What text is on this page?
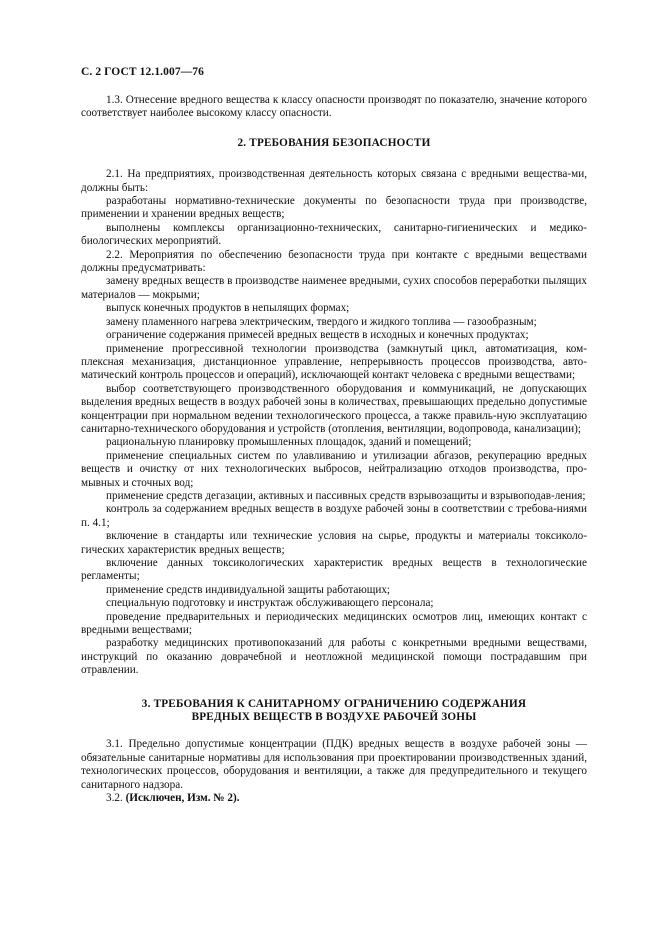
С. 2 ГОСТ 12.1.007—76

1.3. Отнесение вредного вещества к классу опасности производят по показателю, значение которого соответствует наиболее высокому классу опасности.

2. ТРЕБОВАНИЯ БЕЗОПАСНОСТИ

2.1. На предприятиях, производственная деятельность которых связана с вредными вещества-ми, должны быть:

разработаны нормативно-технические документы по безопасности труда при производстве, применении и хранении вредных веществ;

выполнены комплексы организационно-технических, санитарно-гигиенических и медико-биологических мероприятий.

2.2. Мероприятия по обеспечению безопасности труда при контакте с вредными веществами должны предусматривать:

замену вредных веществ в производстве наименее вредными, сухих способов переработки пылящих материалов — мокрыми;

выпуск конечных продуктов в непылящих формах;

замену пламенного нагрева электрическим, твердого и жидкого топлива — газообразным;

ограничение содержания примесей вредных веществ в исходных и конечных продуктах;

применение прогрессивной технологии производства (замкнутый цикл, автоматизация, ком-плексная механизация, дистанционное управление, непрерывность процессов производства, авто-матический контроль процессов и операций), исключающей контакт человека с вредными веществами;

выбор соответствующего производственного оборудования и коммуникаций, не допускающих выделения вредных веществ в воздух рабочей зоны в количествах, превышающих предельно допустимые концентрации при нормальном ведении технологического процесса, а также правиль-ную эксплуатацию санитарно-технического оборудования и устройств (отопления, вентиляции, водопровода, канализации);

рациональную планировку промышленных площадок, зданий и помещений;

применение специальных систем по улавливанию и утилизации абгазов, рекуперацию вредных веществ и очистку от них технологических выбросов, нейтрализацию отходов производства, про-мывных и сточных вод;

применение средств дегазации, активных и пассивных средств взрывозащиты и взрывоподав-ления;

контроль за содержанием вредных веществ в воздухе рабочей зоны в соответствии с требова-ниями п. 4.1;

включение в стандарты или технические условия на сырье, продукты и материалы токсиколо-гических характеристик вредных веществ;

включение данных токсикологических характеристик вредных веществ в технологические регламенты;

применение средств индивидуальной защиты работающих;

специальную подготовку и инструктаж обслуживающего персонала;

проведение предварительных и периодических медицинских осмотров лиц, имеющих контакт с вредными веществами;

разработку медицинских противопоказаний для работы с конкретными вредными веществами, инструкций по оказанию доврачебной и неотложной медицинской помощи пострадавшим при отравлении.

3. ТРЕБОВАНИЯ К САНИТАРНОМУ ОГРАНИЧЕНИЮ СОДЕРЖАНИЯ
ВРЕДНЫХ ВЕЩЕСТВ В ВОЗДУХЕ РАБОЧЕЙ ЗОНЫ

3.1. Предельно допустимые концентрации (ПДК) вредных веществ в воздухе рабочей зоны — обязательные санитарные нормативы для использования при проектировании производственных зданий, технологических процессов, оборудования и вентиляции, а также для предупредительного и текущего санитарного надзора.

3.2. (Исключен, Изм. № 2).
